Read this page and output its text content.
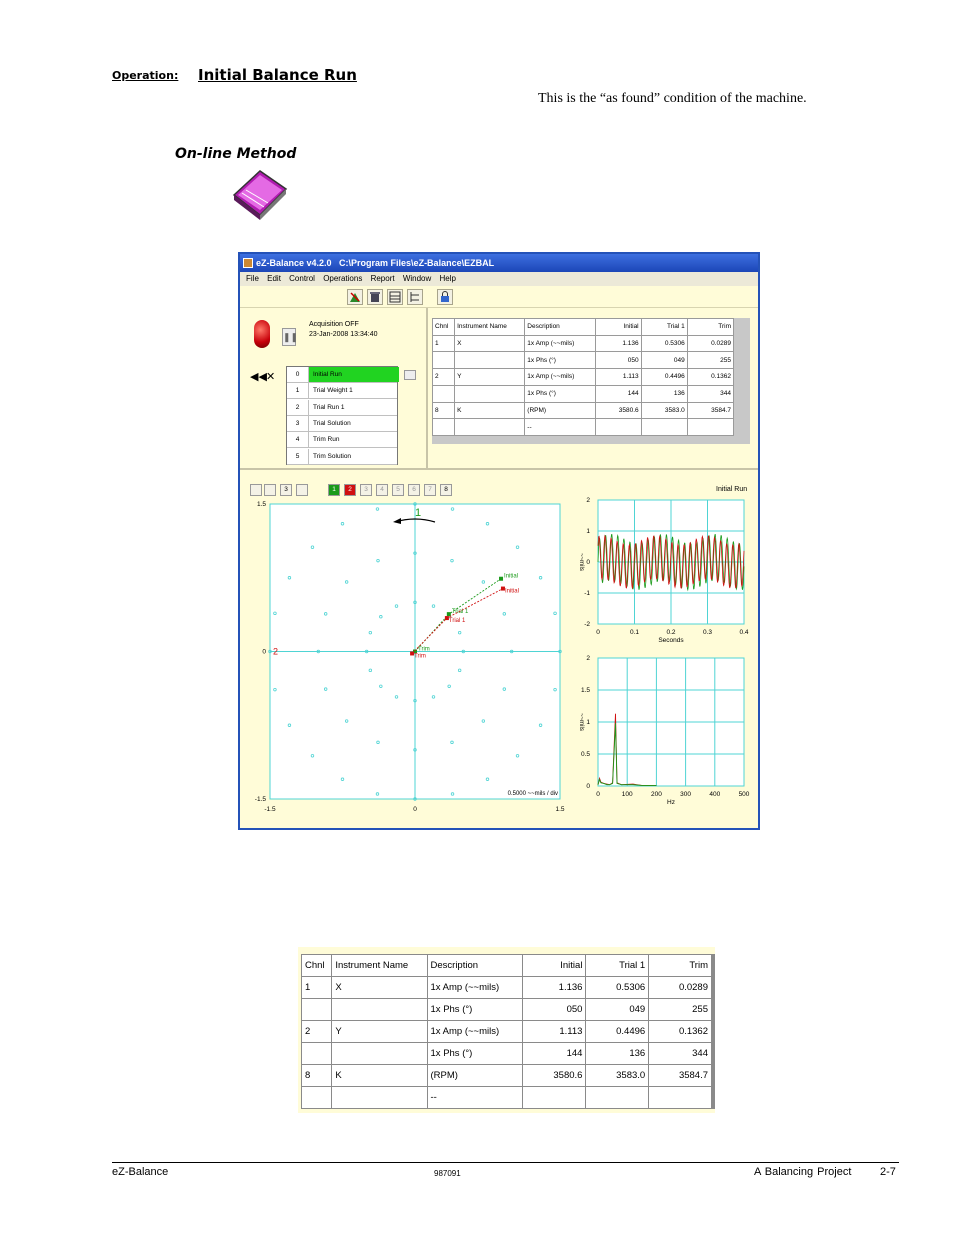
Operation: Initial Balance Run
This is the “as found” condition of the machine.
On-line Method
eZ-Balance v4.2.0   C:\Program Files\eZ-Balance\EZBAL
File Edit Control Operations Report Window Help
❚❚
Acquisition OFF
23-Jan-2008 13:34:40
◀◀ ✕	0	Initial Run
1	Trial Weight 1
2	Trial Run 1
3	Trial Solution
4	Trim Run
5	Trim Solution
Chnl	Instrument Name	Description	Initial	Trial 1	Trim
1	X	1x Amp (~~mils)	1.136	0.5306	0.0289
		1x Phs (°)	050	049	255
2	Y	1x Amp (~~mils)	1.113	0.4496	0.1362
		1x Phs (°)	144	136	344
8	K	(RPM)	3580.6	3583.0	3584.7
		--			
3	1	2	3	4	5	6	7	8	Initial Run
-1.5	0	1.5
1.5
0
-1.5
0.5000 ~~mils / div
1
2	Trim
Trial 1
Initial
Trim
Trial 1
Initial
0	0.1	0.2	0.3	0.4
2
1
0
-1
-2
Seconds
~~mils
0	100	200	300	400	500
2
1.5
1
0.5
0
Hz
~~mils
Chnl	Instrument Name	Description	Initial	Trial 1	Trim
1	X	1x Amp (~~mils)	1.136	0.5306	0.0289
		1x Phs (°)	050	049	255
2	Y	1x Amp (~~mils)	1.113	0.4496	0.1362
		1x Phs (°)	144	136	344
8	K	(RPM)	3580.6	3583.0	3584.7
		--			
eZ-Balance	987091	A Balancing Project	2-7
